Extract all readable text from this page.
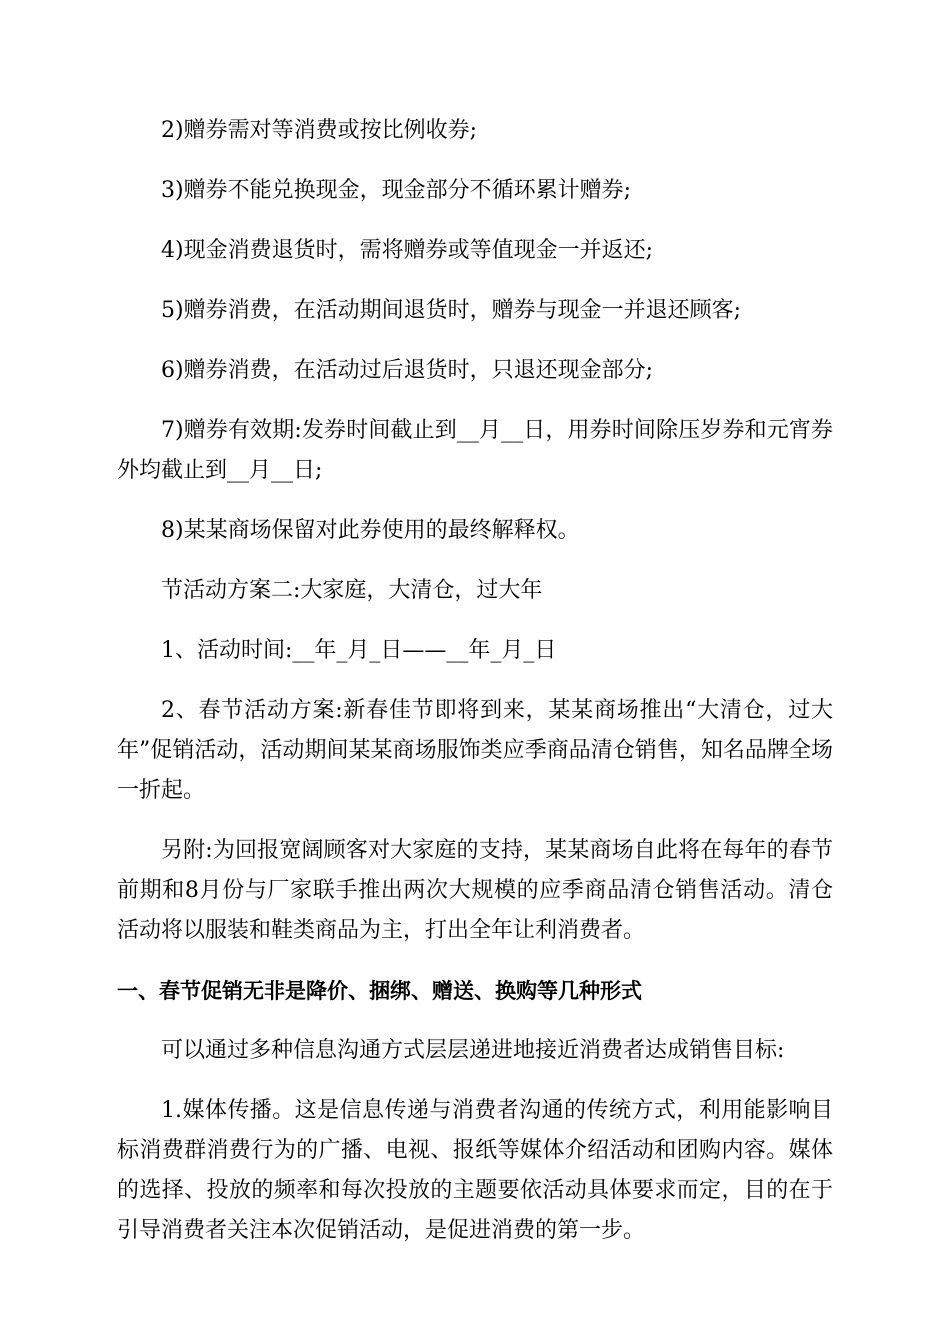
2)赠券需对等消费或按比例收券;

3)赠券不能兑换现金，现金部分不循环累计赠券;

4)现金消费退货时，需将赠券或等值现金一并返还;

5)赠券消费，在活动期间退货时，赠券与现金一并退还顾客;

6)赠券消费，在活动过后退货时，只退还现金部分;

7)赠券有效期:发券时间截止到__月__日，用券时间除压岁券和元宵券外均截止到__月__日;

8)某某商场保留对此券使用的最终解释权。

节活动方案二:大家庭，大清仓，过大年

1、活动时间:__年_月_日——__年_月_日

2、春节活动方案:新春佳节即将到来，某某商场推出“大清仓，过大年”促销活动，活动期间某某商场服饰类应季商品清仓销售，知名品牌全场一折起。

另附:为回报宽阔顾客对大家庭的支持，某某商场自此将在每年的春节前期和8月份与厂家联手推出两次大规模的应季商品清仓销售活动。清仓活动将以服装和鞋类商品为主，打出全年让利消费者。

一、春节促销无非是降价、捆绑、赠送、换购等几种形式

可以通过多种信息沟通方式层层递进地接近消费者达成销售目标:

1.媒体传播。这是信息传递与消费者沟通的传统方式，利用能影响目标消费群消费行为的广播、电视、报纸等媒体介绍活动和团购内容。媒体的选择、投放的频率和每次投放的主题要依活动具体要求而定，目的在于引导消费者关注本次促销活动，是促进消费的第一步。
